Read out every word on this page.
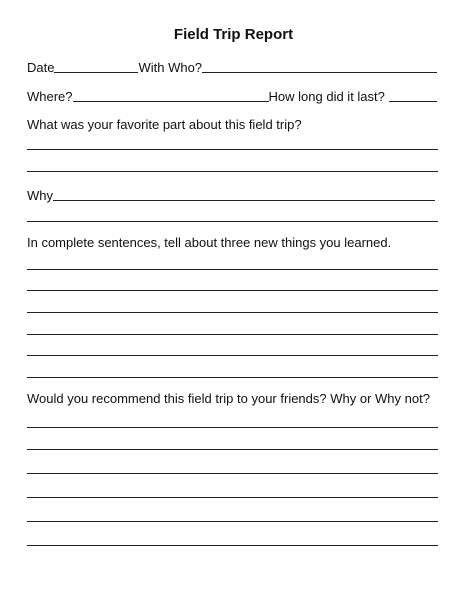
Field Trip Report
Date	With Who?
Where?	How long did it last?
What was your favorite part about this field trip?
Why
In complete sentences, tell about three new things you learned.
Would you recommend this field trip to your friends? Why or Why not?
